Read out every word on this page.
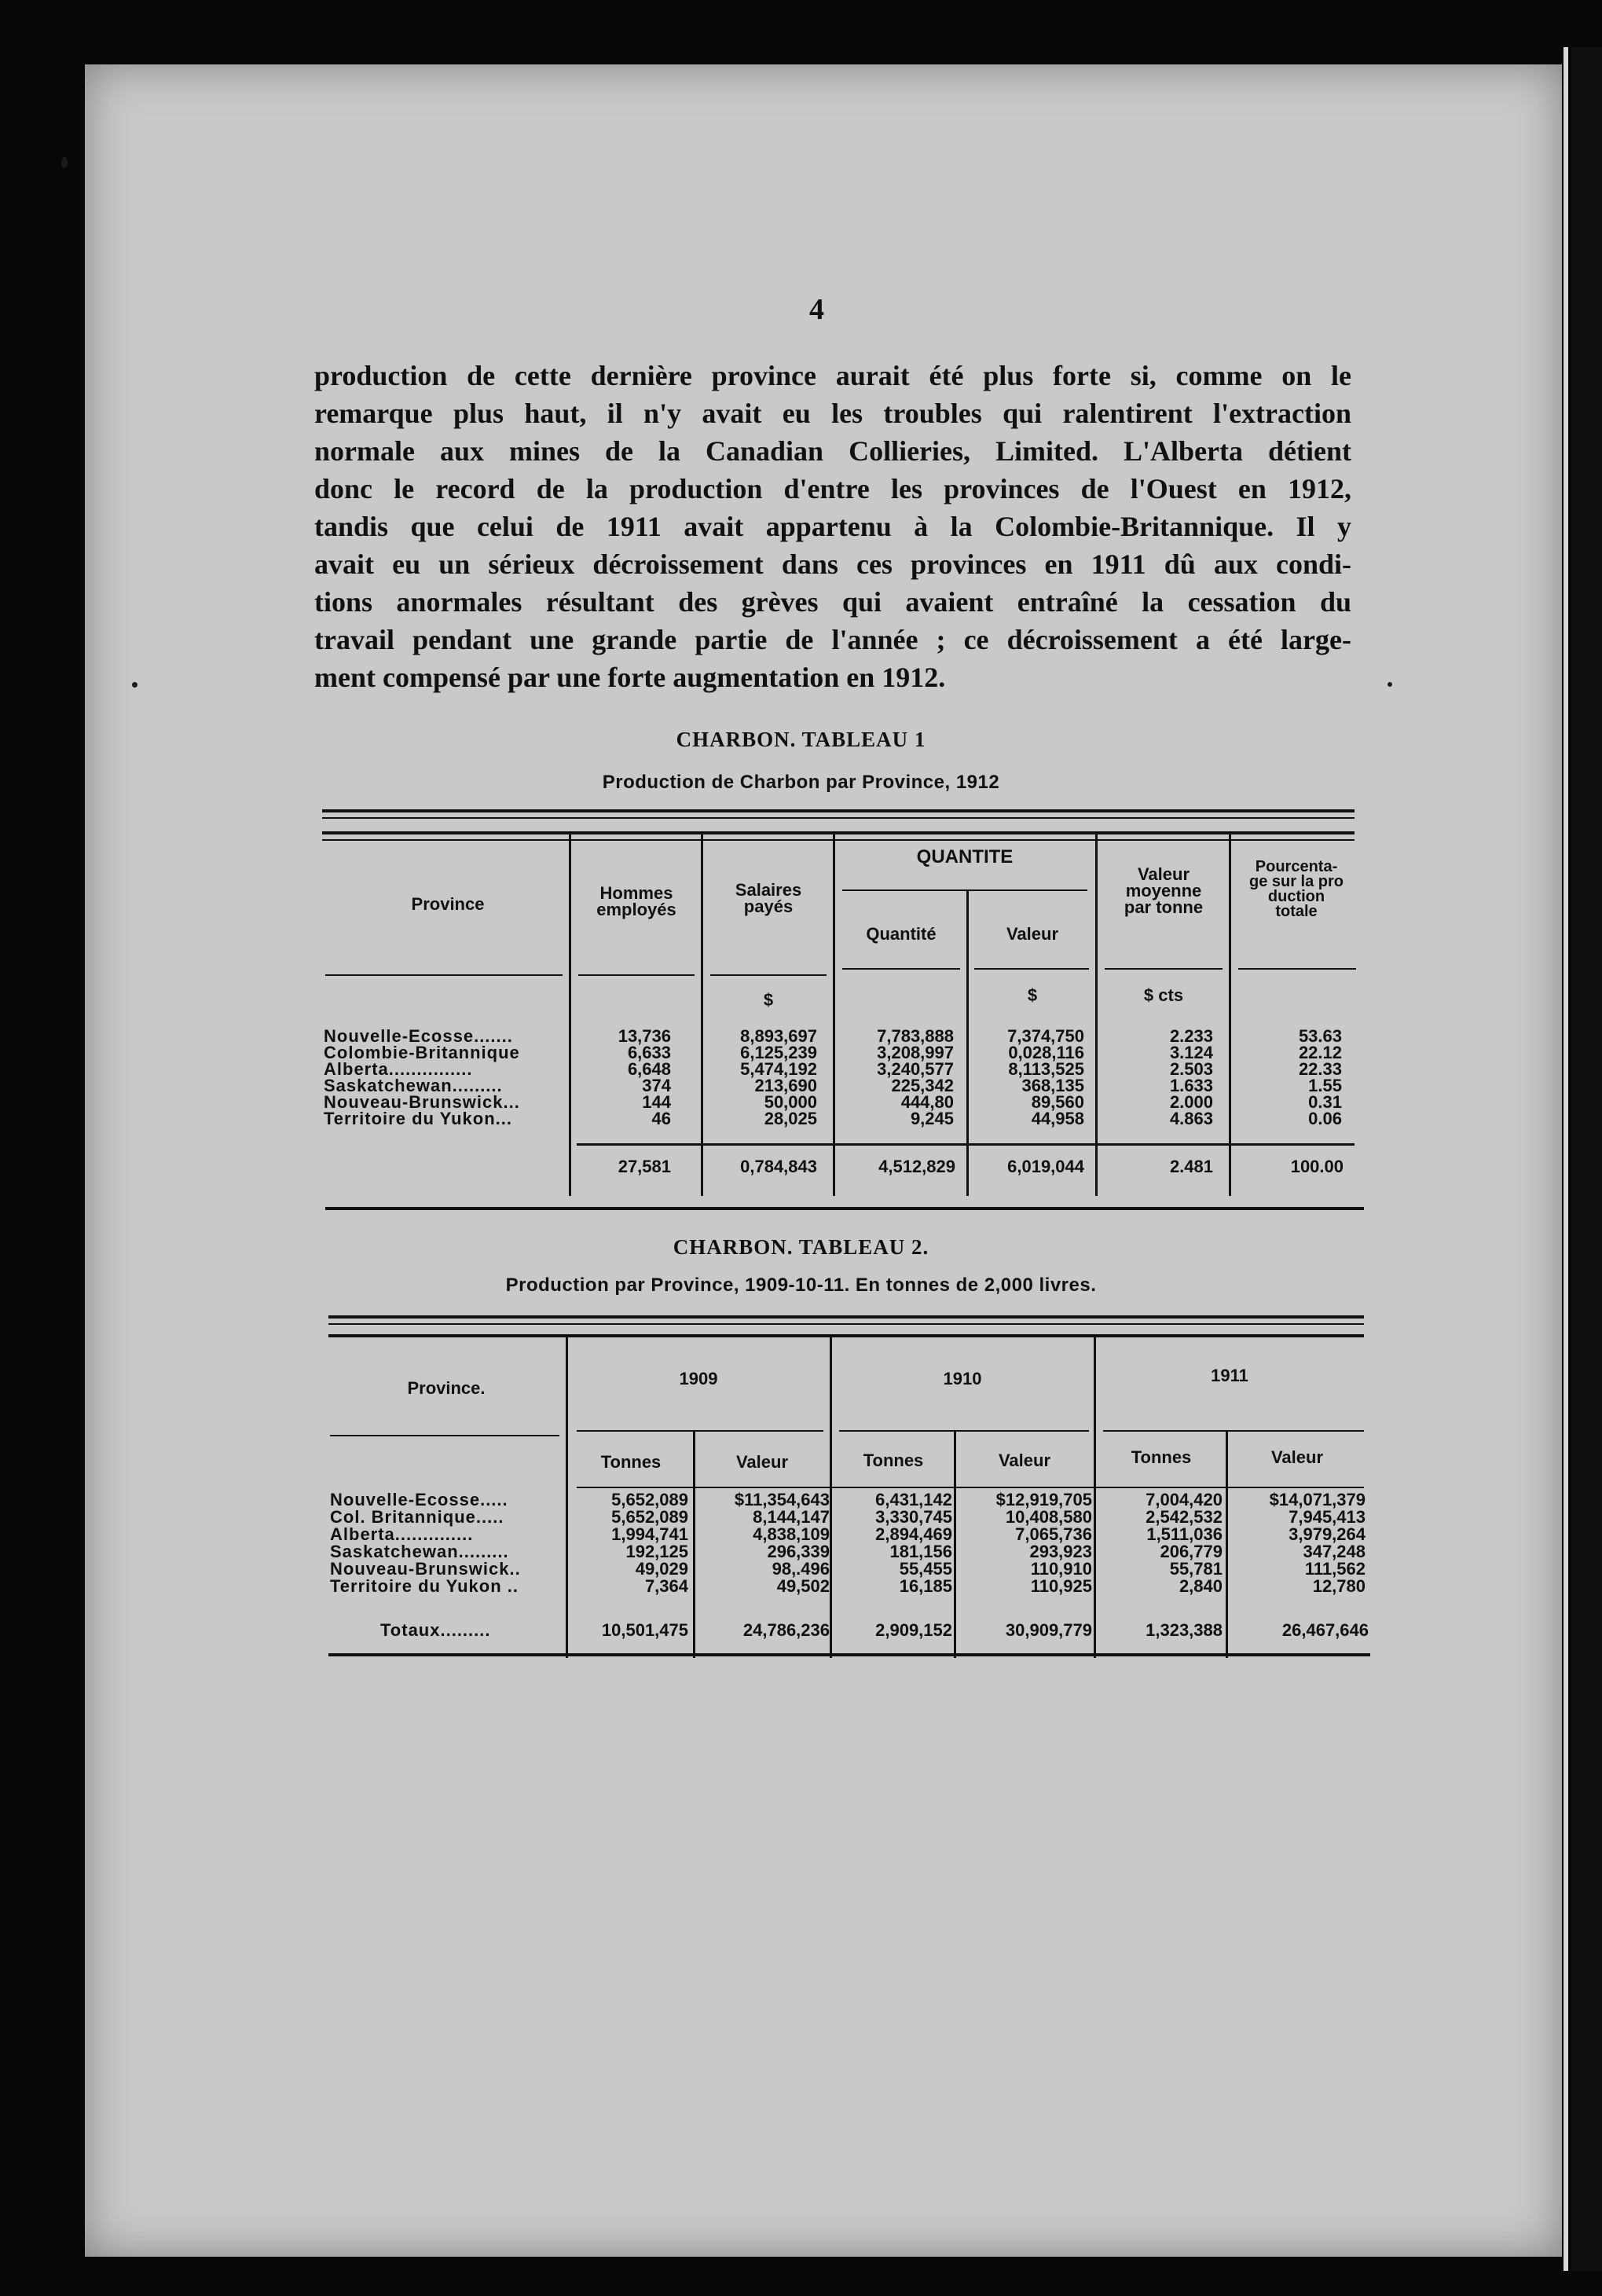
4
production de cette dernière province aurait été plus forte si, comme on le
remarque plus haut, il n'y avait eu les troubles qui ralentirent l'extraction
normale aux mines de la Canadian Collieries, Limited. L'Alberta détient
donc le record de la production d'entre les provinces de l'Ouest en 1912,
tandis que celui de 1911 avait appartenu à la Colombie-Britannique. Il y
avait eu un sérieux décroissement dans ces provinces en 1911 dû aux condi-
tions anormales résultant des grèves qui avaient entraîné la cessation du
travail pendant une grande partie de l'année ; ce décroissement a été large-
ment compensé par une forte augmentation en 1912.
CHARBON. TABLEAU 1
Production de Charbon par Province, 1912
Province
Hommes
employés
Salaires
payés
QUANTITE
Quantité	Valeur
Valeur
moyenne
par tonne
Pourcenta-
ge sur la pro
duction
totale
$	$	$ cts
Nouvelle-Ecosse.......	13,736	8,893,697	7,783,888	7,374,750	2.233	53.63
Colombie-Britannique	6,633	6,125,239	3,208,997	0,028,116	3.124	22.12
Alberta...............	6,648	5,474,192	3,240,577	8,113,525	2.503	22.33
Saskatchewan.........	374	213,690	225,342	368,135	1.633	1.55
Nouveau-Brunswick...	144	50,000	444,80	89,560	2.000	0.31
Territoire du Yukon...	46	28,025	9,245	44,958	4.863	0.06
27,581	0,784,843	4,512,829	6,019,044	2.481	100.00
CHARBON. TABLEAU 2.
Production par Province, 1909-10-11. En tonnes de 2,000 livres.
Province.	1909	1910	1911
Tonnes	Valeur	Tonnes	Valeur	Tonnes	Valeur
Nouvelle-Ecosse.....	5,652,089	$11,354,643	6,431,142	$12,919,705	7,004,420	$14,071,379
Col. Britannique.....	5,652,089	8,144,147	3,330,745	10,408,580	2,542,532	7,945,413
Alberta..............	1,994,741	4,838,109	2,894,469	7,065,736	1,511,036	3,979,264
Saskatchewan.........	192,125	296,339	181,156	293,923	206,779	347,248
Nouveau-Brunswick..	49,029	98,.496	55,455	110,910	55,781	111,562
Territoire du Yukon ..	7,364	49,502	16,185	110,925	2,840	12,780
Totaux.........	10,501,475	24,786,236	2,909,152	30,909,779	1,323,388	26,467,646
